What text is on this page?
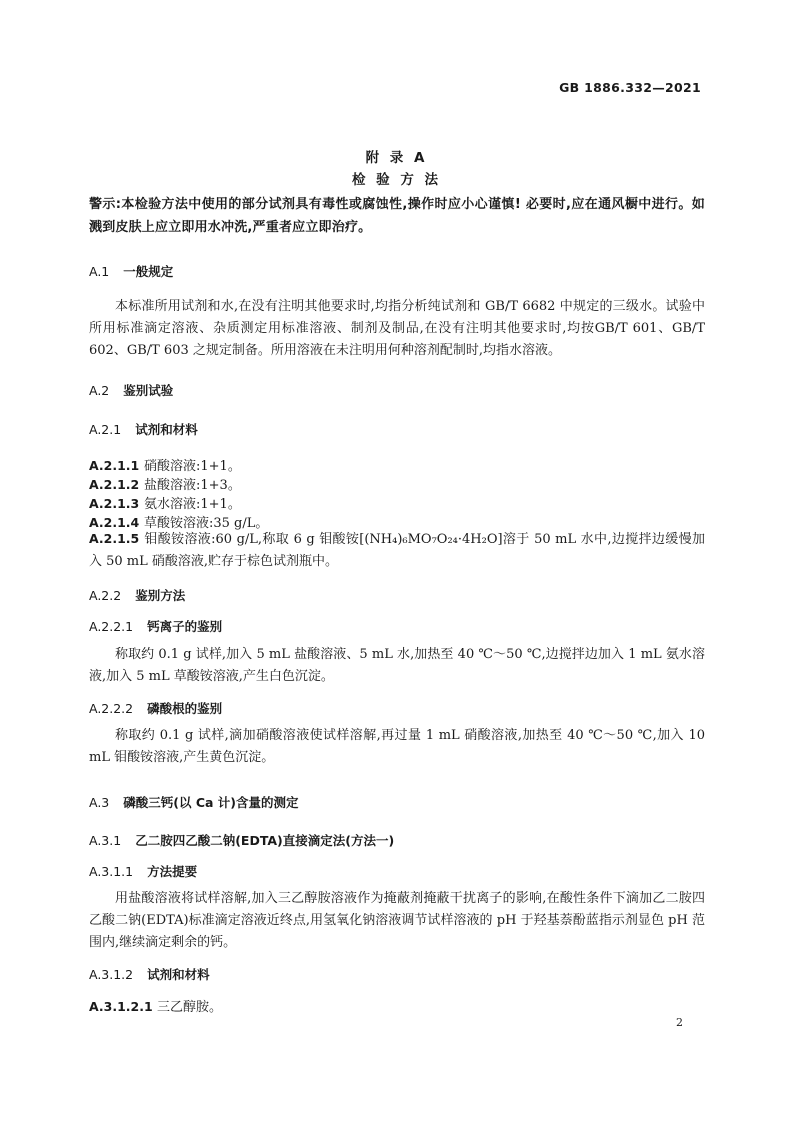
GB 1886.332—2021
附 录 A
检 验 方 法
警示:本检验方法中使用的部分试剂具有毒性或腐蚀性,操作时应小心谨慎! 必要时,应在通风橱中进行。如溅到皮肤上应立即用水冲洗,严重者应立即治疗。
A.1 一般规定
本标准所用试剂和水,在没有注明其他要求时,均指分析纯试剂和 GB/T 6682 中规定的三级水。试验中所用标准滴定溶液、杂质测定用标准溶液、制剂及制品,在没有注明其他要求时,均按GB/T 601、GB/T 602、GB/T 603 之规定制备。所用溶液在未注明用何种溶剂配制时,均指水溶液。
A.2 鉴别试验
A.2.1 试剂和材料
A.2.1.1 硝酸溶液:1+1。
A.2.1.2 盐酸溶液:1+3。
A.2.1.3 氨水溶液:1+1。
A.2.1.4 草酸铵溶液:35 g/L。
A.2.1.5 钼酸铵溶液:60 g/L,称取 6 g 钼酸铵[(NH₄)₆MO₇O₂₄·4H₂O]溶于 50 mL 水中,边搅拌边缓慢加入 50 mL 硝酸溶液,贮存于棕色试剂瓶中。
A.2.2 鉴别方法
A.2.2.1 钙离子的鉴别
称取约 0.1 g 试样,加入 5 mL 盐酸溶液、5 mL 水,加热至 40 ℃～50 ℃,边搅拌边加入 1 mL 氨水溶液,加入 5 mL 草酸铵溶液,产生白色沉淀。
A.2.2.2 磷酸根的鉴别
称取约 0.1 g 试样,滴加硝酸溶液使试样溶解,再过量 1 mL 硝酸溶液,加热至 40 ℃～50 ℃,加入 10 mL 钼酸铵溶液,产生黄色沉淀。
A.3 磷酸三钙(以 Ca 计)含量的测定
A.3.1 乙二胺四乙酸二钠(EDTA)直接滴定法(方法一)
A.3.1.1 方法提要
用盐酸溶液将试样溶解,加入三乙醇胺溶液作为掩蔽剂掩蔽干扰离子的影响,在酸性条件下滴加乙二胺四乙酸二钠(EDTA)标准滴定溶液近终点,用氢氧化钠溶液调节试样溶液的 pH 于羟基萘酚蓝指示剂显色 pH 范围内,继续滴定剩余的钙。
A.3.1.2 试剂和材料
A.3.1.2.1 三乙醇胺。
2
